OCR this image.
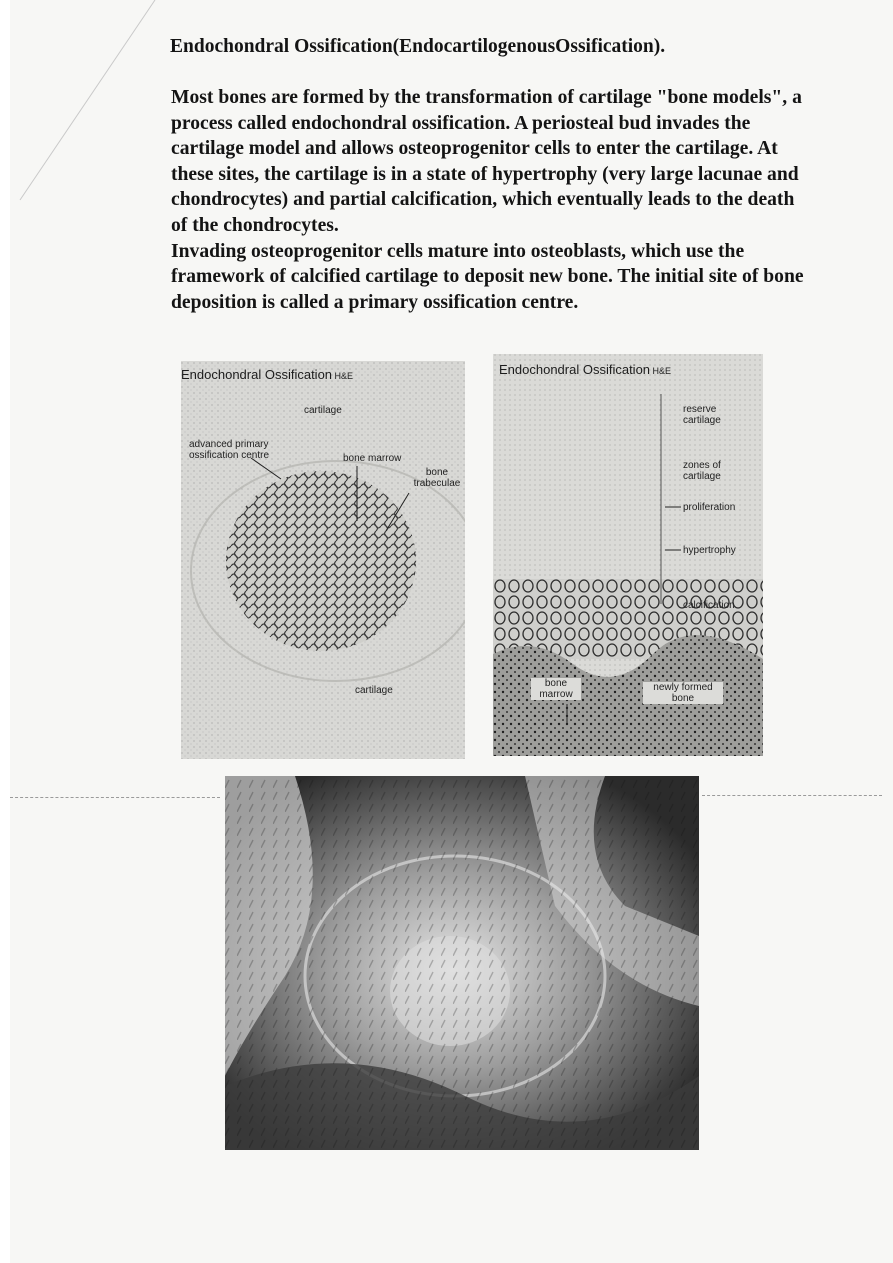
Endochondral Ossification(EndocartilogenousOssification).

Most bones are formed by the transformation of cartilage "bone models", a process called endochondral ossification. A periosteal bud invades the cartilage model and allows osteoprogenitor cells to enter the cartilage. At these sites, the cartilage is in a state of hypertrophy (very large lacunae and chondrocytes) and partial calcification, which eventually leads to the death of the chondrocytes.

Invading osteoprogenitor cells mature into osteoblasts, which use the framework of calcified cartilage to deposit new bone. The initial site of bone deposition is called a primary ossification centre.

Endochondral Ossification H&E
cartilage
advanced primary ossification centre	bone marrow
bone trabeculae
cartilage
Endochondral Ossification H&E
reserve cartilage
zones of cartilage
proliferation
hypertrophy
calcification
bone marrow
newly formed bone
